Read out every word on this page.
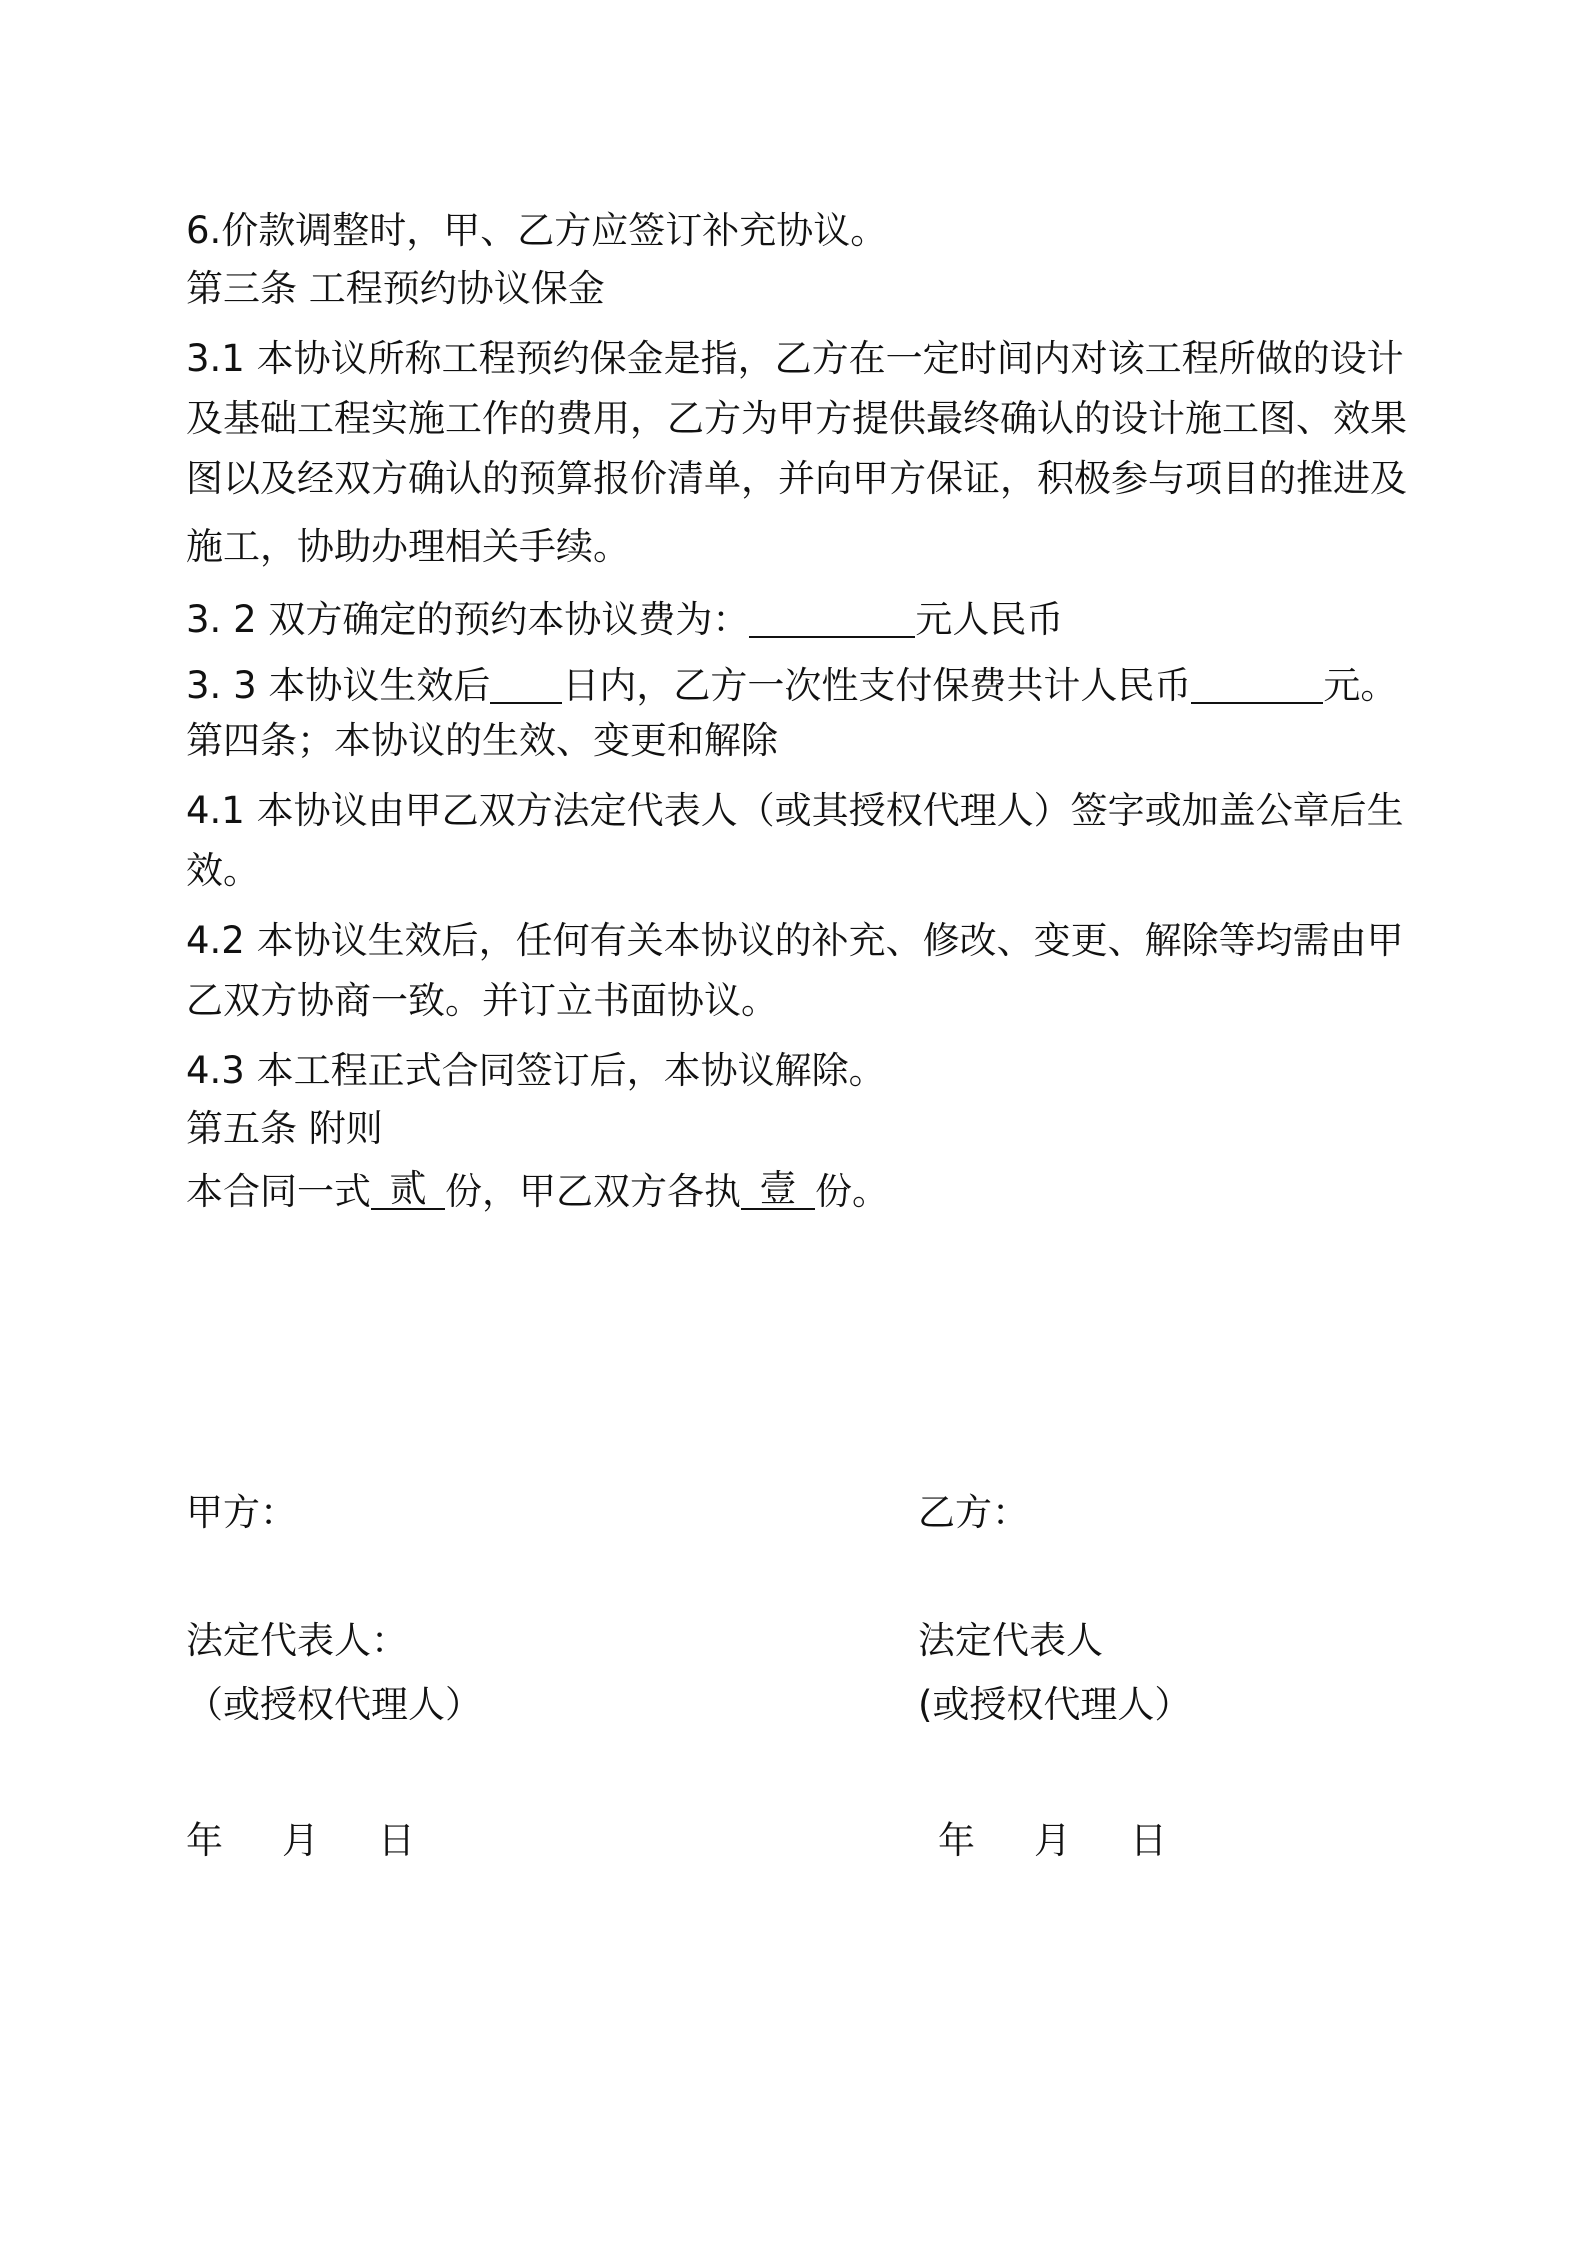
6.价款调整时，甲、乙方应签订补充协议。
第三条 工程预约协议保金
3.1 本协议所称工程预约保金是指，乙方在一定时间内对该工程所做的设计
及基础工程实施工作的费用，乙方为甲方提供最终确认的设计施工图、效果
图以及经双方确认的预算报价清单，并向甲方保证，积极参与项目的推进及
施工，协助办理相关手续。
3. 2 双方确定的预约本协议费为：	元人民币
3. 3 本协议生效后 日内，乙方一次性支付保费共计人民币	元。
第四条；本协议的生效、变更和解除
4.1 本协议由甲乙双方法定代表人（或其授权代理人）签字或加盖公章后生
效。
4.2 本协议生效后，任何有关本协议的补充、修改、变更、解除等均需由甲
乙双方协商一致。并订立书面协议。
4.3 本工程正式合同签订后，本协议解除。
第五条 附则
本合同一式 贰 份，甲乙双方各执 壹 份。
甲方：	乙方：
法定代表人：	法定代表人
（或授权代理人）	(或授权代理人）
年 月 日	年 月 日
